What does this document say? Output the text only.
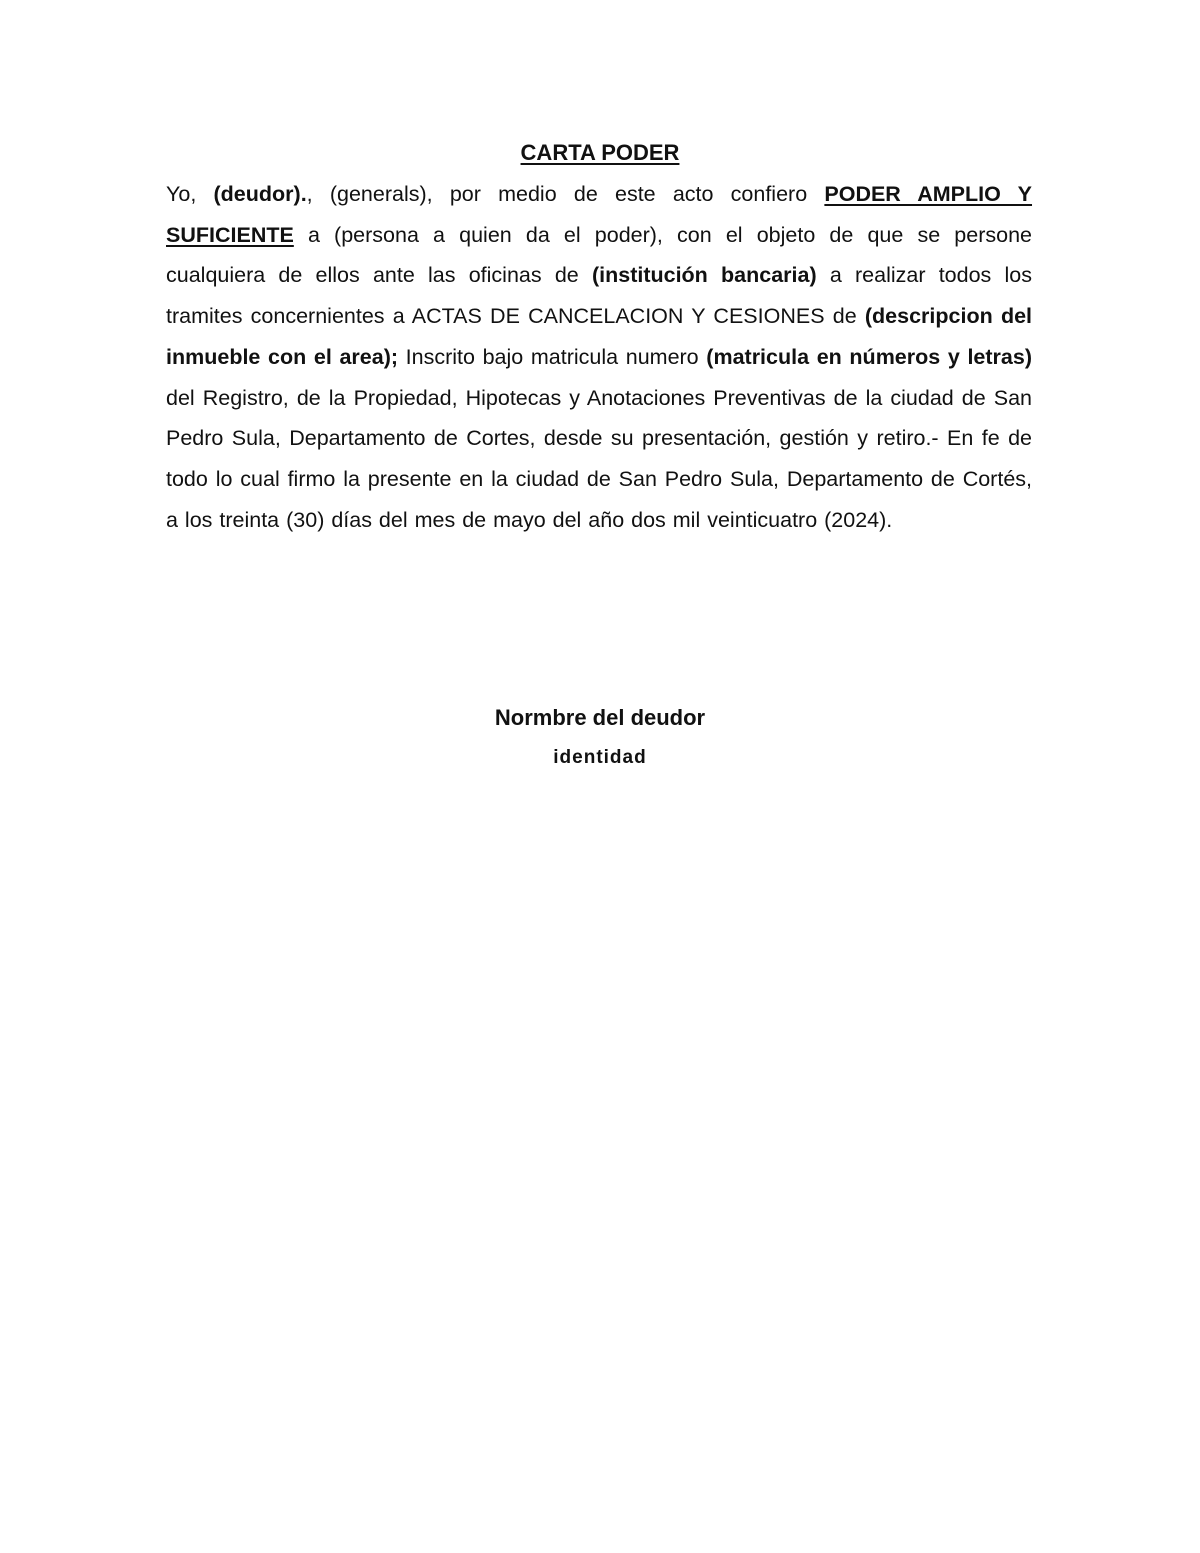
CARTA PODER

Yo, (deudor)., (generals), por medio de este acto confiero PODER AMPLIO Y SUFICIENTE a (persona a quien da el poder), con el objeto de que se persone cualquiera de ellos ante las oficinas de (institución bancaria) a realizar todos los tramites concernientes a ACTAS DE CANCELACION Y CESIONES de (descripcion del inmueble con el area); Inscrito bajo matricula numero (matricula en números y letras) del Registro, de la Propiedad, Hipotecas y Anotaciones Preventivas de la ciudad de San Pedro Sula, Departamento de Cortes, desde su presentación, gestión y retiro.- En fe de todo lo cual firmo la presente en la ciudad de San Pedro Sula, Departamento de Cortés, a los treinta (30) días del mes de mayo del año dos mil veinticuatro (2024).

Normbre del deudor

identidad
